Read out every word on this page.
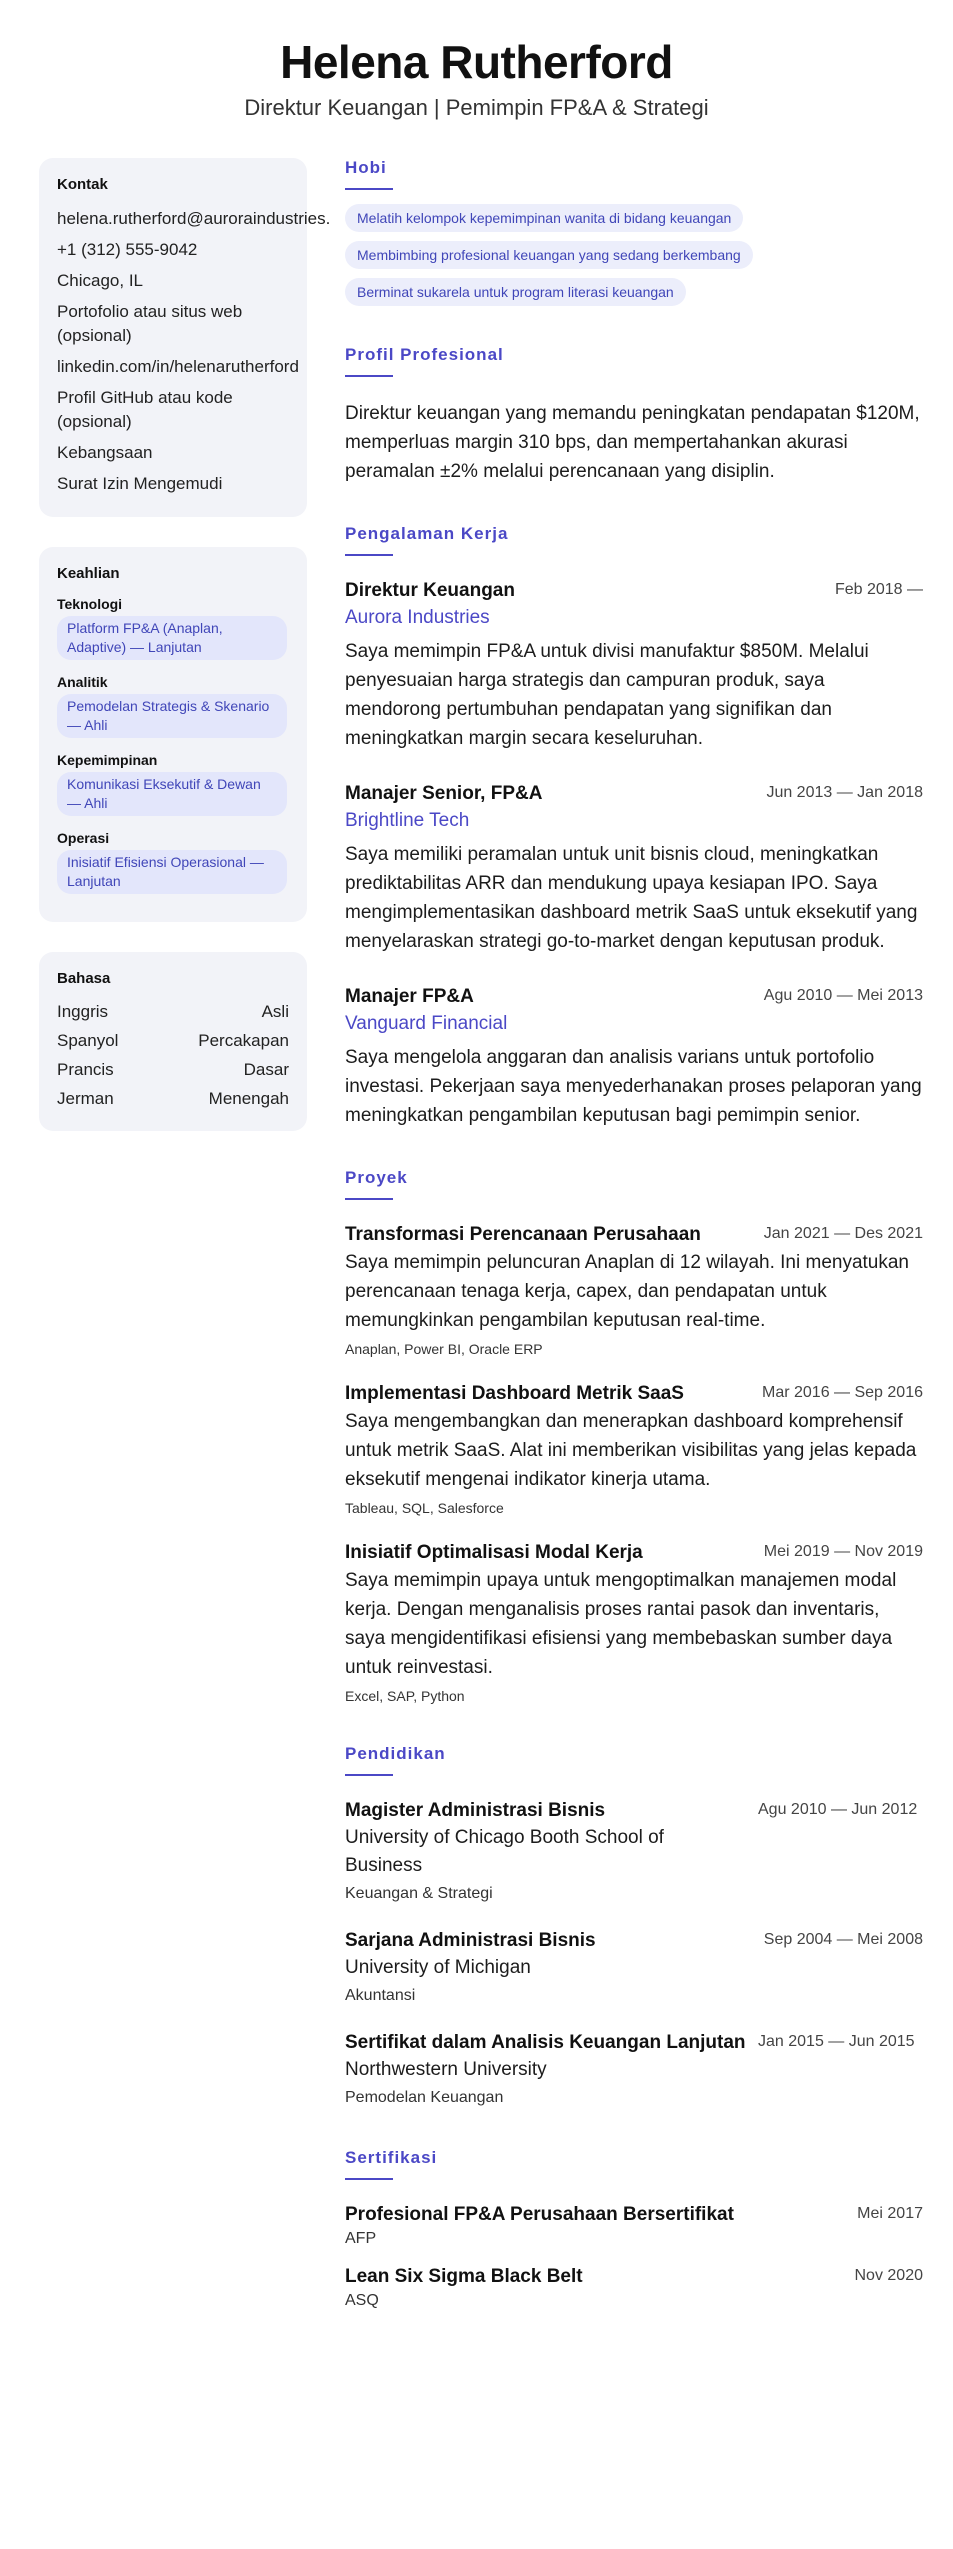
Helena Rutherford
Direktur Keuangan | Pemimpin FP&A & Strategi
Kontak
helena.rutherford@aurorai​ndustries.
+1 (312) 555-9042
Chicago, IL
Portofolio atau situs web (opsional)
linkedin.com/in/helenarutherford
Profil GitHub atau kode (opsional)
Kebangsaan
Surat Izin Mengemudi
Keahlian
Teknologi
Platform FP&A (Anaplan, Adaptive) — Lanjutan
Analitik
Pemodelan Strategis & Skenario — Ahli
Kepemimpinan
Komunikasi Eksekutif & Dewan — Ahli
Operasi
Inisiatif Efisiensi Operasional — Lanjutan
Bahasa
Inggris	Asli
Spanyol	Percakapan
Prancis	Dasar
Jerman	Menengah
Hobi
Melatih kelompok kepemimpinan wanita di bidang keuangan
Membimbing profesional keuangan yang sedang berkembang
Berminat sukarela untuk program literasi keuangan
Profil Profesional
Direktur keuangan yang memandu peningkatan pendapatan $120M, memperluas margin 310 bps, dan mempertahankan akurasi peramalan ±2% melalui perencanaan yang disiplin.
Pengalaman Kerja
Direktur Keuangan	Feb 2018 —
Aurora Industries
Saya memimpin FP&A untuk divisi manufaktur $850M. Melalui penyesuaian harga strategis dan campuran produk, saya mendorong pertumbuhan pendapatan yang signifikan dan meningkatkan margin secara keseluruhan.
Manajer Senior, FP&A	Jun 2013 — Jan 2018
Brightline Tech
Saya memiliki peramalan untuk unit bisnis cloud, meningkatkan prediktabilitas ARR dan mendukung upaya kesiapan IPO. Saya mengimplementasikan dashboard metrik SaaS untuk eksekutif yang menyelaraskan strategi go-to-market dengan keputusan produk.
Manajer FP&A	Agu 2010 — Mei 2013
Vanguard Financial
Saya mengelola anggaran dan analisis varians untuk portofolio investasi. Pekerjaan saya menyederhanakan proses pelaporan yang meningkatkan pengambilan keputusan bagi pemimpin senior.
Proyek
Transformasi Perencanaan Perusahaan	Jan 2021 — Des 2021
Saya memimpin peluncuran Anaplan di 12 wilayah. Ini menyatukan perencanaan tenaga kerja, capex, dan pendapatan untuk memungkinkan pengambilan keputusan real-time.
Anaplan, Power BI, Oracle ERP
Implementasi Dashboard Metrik SaaS	Mar 2016 — Sep 2016
Saya mengembangkan dan menerapkan dashboard komprehensif untuk metrik SaaS. Alat ini memberikan visibilitas yang jelas kepada eksekutif mengenai indikator kinerja utama.
Tableau, SQL, Salesforce
Inisiatif Optimalisasi Modal Kerja	Mei 2019 — Nov 2019
Saya memimpin upaya untuk mengoptimalkan manajemen modal kerja. Dengan menganalisis proses rantai pasok dan inventaris, saya mengidentifikasi efisiensi yang membebaskan sumber daya untuk reinvestasi.
Excel, SAP, Python
Pendidikan
Magister Administrasi Bisnis
University of Chicago Booth School of Business
Keuangan & Strategi
Agu 2010 — Jun 2012
Sarjana Administrasi Bisnis
University of Michigan
Akuntansi
Sep 2004 — Mei 2008
Sertifikat dalam Analisis Keuangan Lanjutan
Northwestern University
Pemodelan Keuangan
Jan 2015 — Jun 2015
Sertifikasi
Profesional FP&A Perusahaan Bersertifikat	Mei 2017
AFP
Lean Six Sigma Black Belt	Nov 2020
ASQ
